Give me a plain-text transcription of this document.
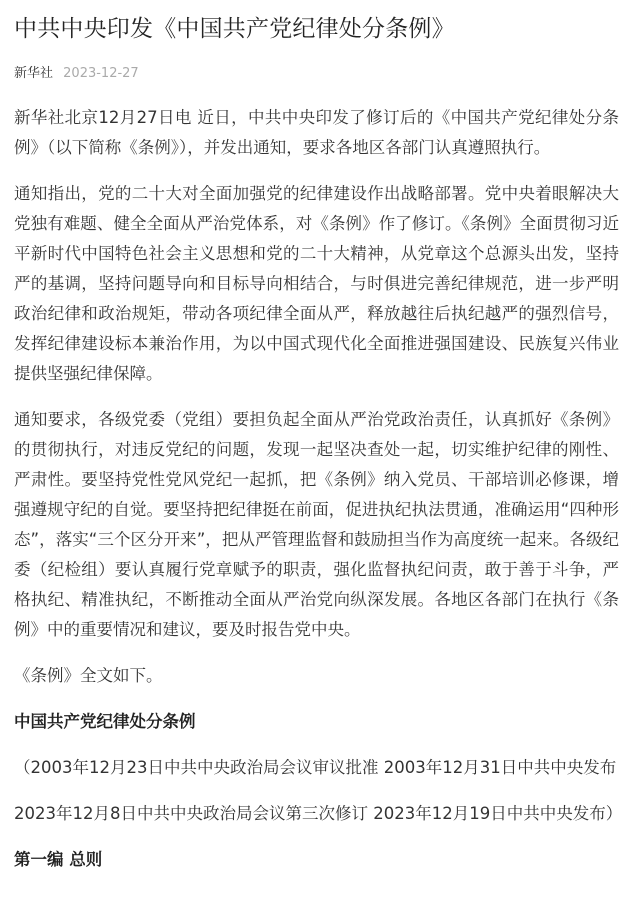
中共中央印发《中国共产党纪律处分条例》
新华社 2023-12-27

新华社北京12月27日电 近日，中共中央印发了修订后的《中国共产党纪律处分条例》（以下简称《条例》），并发出通知，要求各地区各部门认真遵照执行。

通知指出，党的二十大对全面加强党的纪律建设作出战略部署。党中央着眼解决大党独有难题、健全全面从严治党体系，对《条例》作了修订。《条例》全面贯彻习近平新时代中国特色社会主义思想和党的二十大精神，从党章这个总源头出发，坚持严的基调，坚持问题导向和目标导向相结合，与时俱进完善纪律规范，进一步严明政治纪律和政治规矩，带动各项纪律全面从严，释放越往后执纪越严的强烈信号，发挥纪律建设标本兼治作用，为以中国式现代化全面推进强国建设、民族复兴伟业提供坚强纪律保障。

通知要求，各级党委（党组）要担负起全面从严治党政治责任，认真抓好《条例》的贯彻执行，对违反党纪的问题，发现一起坚决查处一起，切实维护纪律的刚性、严肃性。要坚持党性党风党纪一起抓，把《条例》纳入党员、干部培训必修课，增强遵规守纪的自觉。要坚持把纪律挺在前面，促进执纪执法贯通，准确运用“四种形态”，落实“三个区分开来”，把从严管理监督和鼓励担当作为高度统一起来。各级纪委（纪检组）要认真履行党章赋予的职责，强化监督执纪问责，敢于善于斗争，严格执纪、精准执纪，不断推动全面从严治党向纵深发展。各地区各部门在执行《条例》中的重要情况和建议，要及时报告党中央。

《条例》全文如下。

中国共产党纪律处分条例

（2003年12月23日中共中央政治局会议审议批准 2003年12月31日中共中央发布

2023年12月8日中共中央政治局会议第三次修订 2023年12月19日中共中央发布）

第一编 总则
